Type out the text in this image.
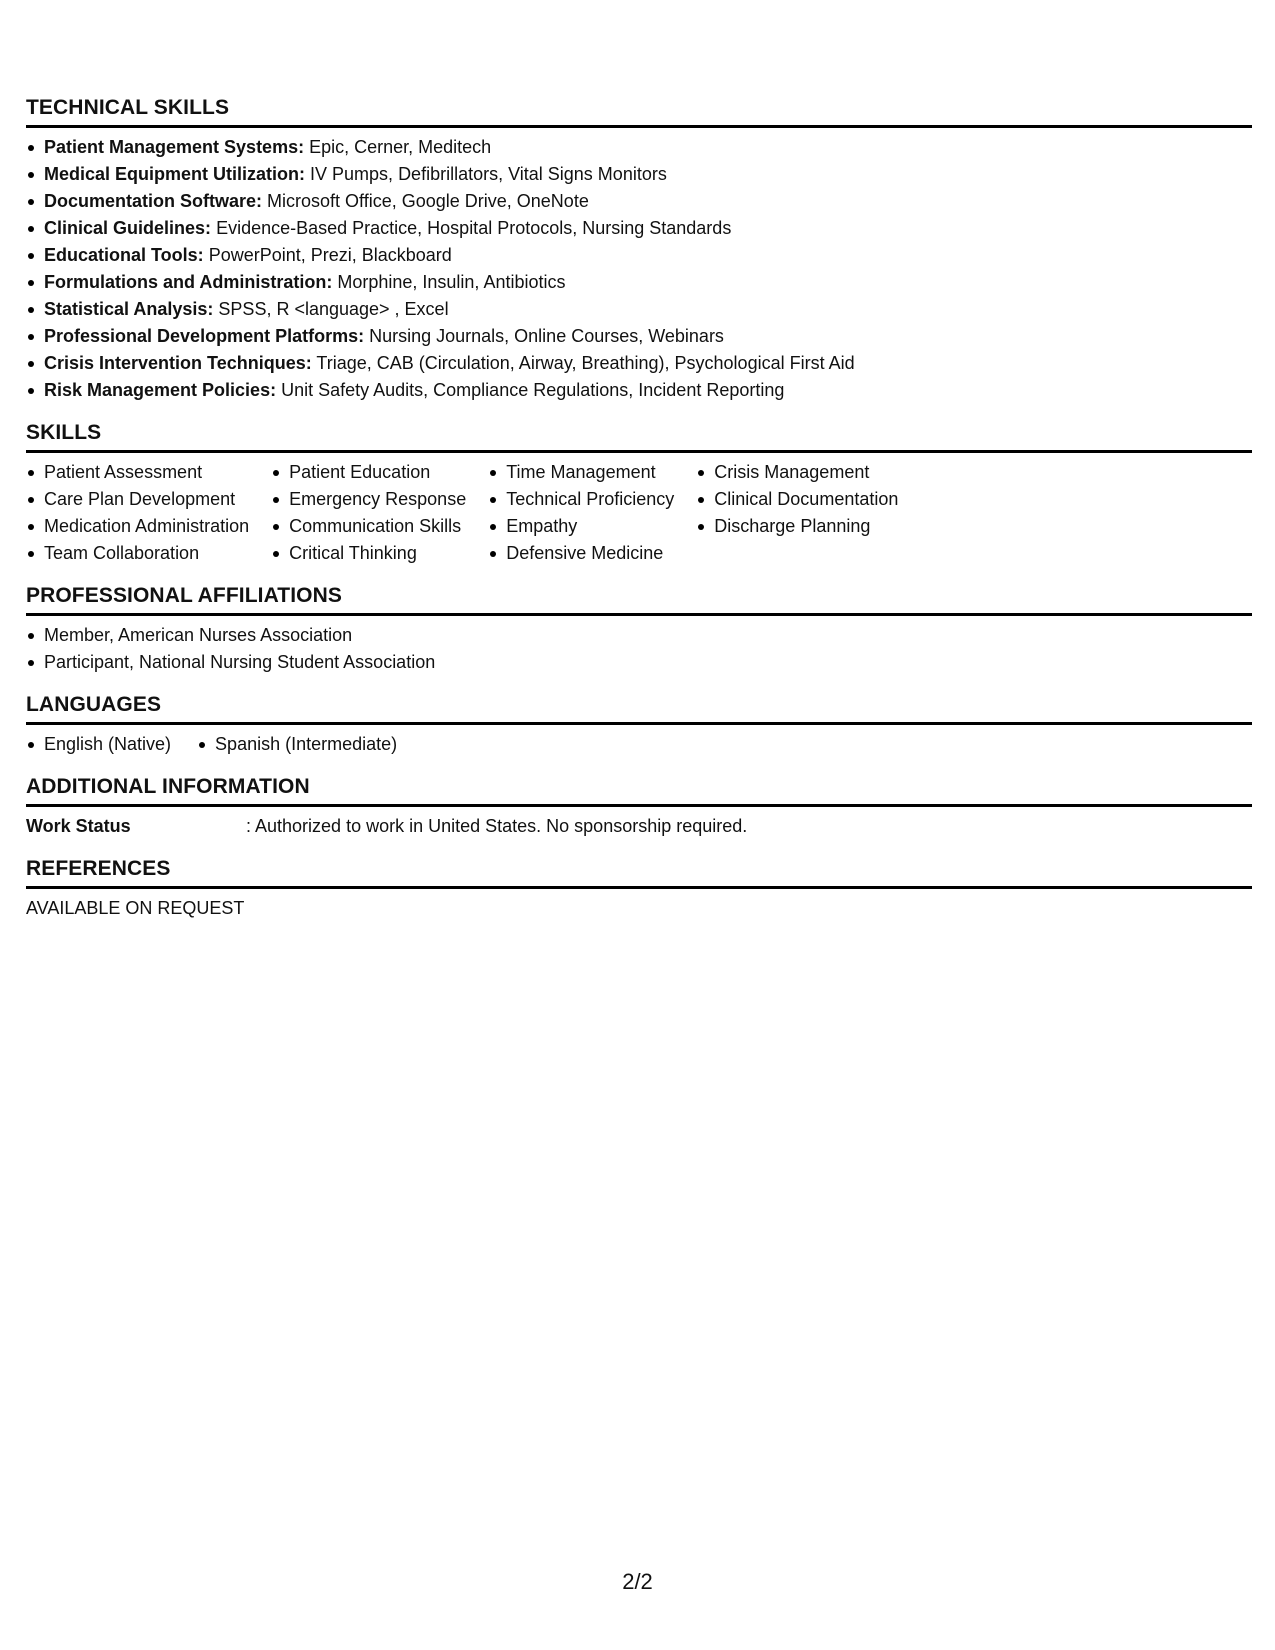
TECHNICAL SKILLS
Patient Management Systems: Epic, Cerner, Meditech
Medical Equipment Utilization: IV Pumps, Defibrillators, Vital Signs Monitors
Documentation Software: Microsoft Office, Google Drive, OneNote
Clinical Guidelines: Evidence-Based Practice, Hospital Protocols, Nursing Standards
Educational Tools: PowerPoint, Prezi, Blackboard
Formulations and Administration: Morphine, Insulin, Antibiotics
Statistical Analysis: SPSS, R <language> , Excel
Professional Development Platforms: Nursing Journals, Online Courses, Webinars
Crisis Intervention Techniques: Triage, CAB (Circulation, Airway, Breathing), Psychological First Aid
Risk Management Policies: Unit Safety Audits, Compliance Regulations, Incident Reporting
SKILLS
Patient Assessment
Care Plan Development
Medication Administration
Team Collaboration
Patient Education
Emergency Response
Communication Skills
Critical Thinking
Time Management
Technical Proficiency
Empathy
Defensive Medicine
Crisis Management
Clinical Documentation
Discharge Planning
PROFESSIONAL AFFILIATIONS
Member, American Nurses Association
Participant, National Nursing Student Association
LANGUAGES
English (Native)	Spanish (Intermediate)
ADDITIONAL INFORMATION
Work Status	: Authorized to work in United States. No sponsorship required.
REFERENCES
AVAILABLE ON REQUEST
2/2
